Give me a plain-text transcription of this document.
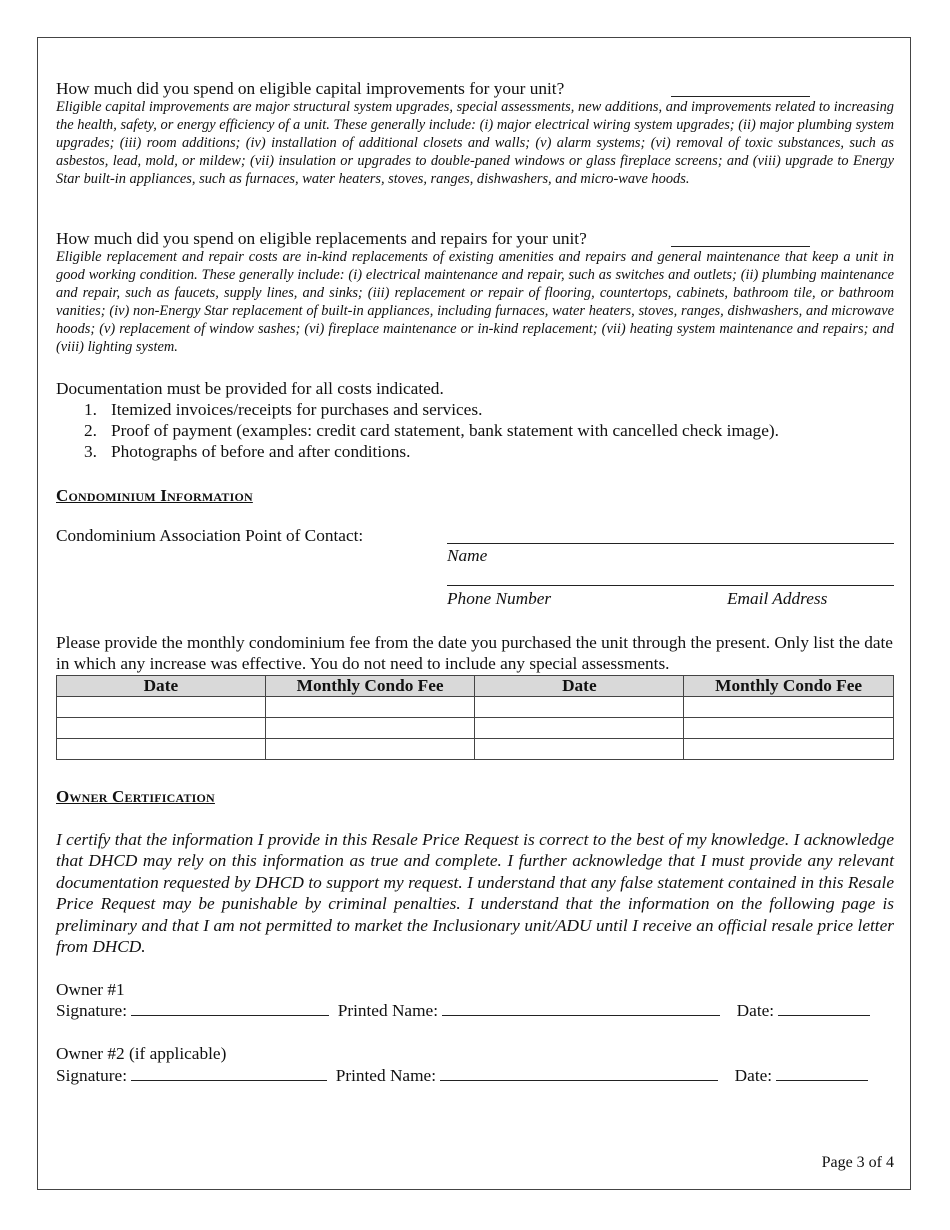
How much did you spend on eligible capital improvements for your unit?
Eligible capital improvements are major structural system upgrades, special assessments, new additions, and improvements related to increasing the health, safety, or energy efficiency of a unit. These generally include: (i) major electrical wiring system upgrades; (ii) major plumbing system upgrades; (iii) room additions; (iv) installation of additional closets and walls; (v) alarm systems; (vi) removal of toxic substances, such as asbestos, lead, mold, or mildew; (vii) insulation or upgrades to double-paned windows or glass fireplace screens; and (viii) upgrade to Energy Star built-in appliances, such as furnaces, water heaters, stoves, ranges, dishwashers, and micro-wave hoods.
How much did you spend on eligible replacements and repairs for your unit?
Eligible replacement and repair costs are in-kind replacements of existing amenities and repairs and general maintenance that keep a unit in good working condition. These generally include: (i) electrical maintenance and repair, such as switches and outlets; (ii) plumbing maintenance and repair, such as faucets, supply lines, and sinks; (iii) replacement or repair of flooring, countertops, cabinets, bathroom tile, or bathroom vanities; (iv) non-Energy Star replacement of built-in appliances, including furnaces, water heaters, stoves, ranges, dishwashers, and microwave hoods; (v) replacement of window sashes; (vi) fireplace maintenance or in-kind replacement; (vii) heating system maintenance and repairs; and (viii) lighting system.
Documentation must be provided for all costs indicated.
1. Itemized invoices/receipts for purchases and services.
2. Proof of payment (examples: credit card statement, bank statement with cancelled check image).
3. Photographs of before and after conditions.
Condominium Information
Condominium Association Point of Contact:
Name
Phone Number	Email Address
Please provide the monthly condominium fee from the date you purchased the unit through the present. Only list the date in which any increase was effective. You do not need to include any special assessments.
Date	Monthly Condo Fee	Date	Monthly Condo Fee

Owner Certification
I certify that the information I provide in this Resale Price Request is correct to the best of my knowledge. I acknowledge that DHCD may rely on this information as true and complete. I further acknowledge that I must provide any relevant documentation requested by DHCD to support my request. I understand that any false statement contained in this Resale Price Request may be punishable by criminal penalties. I understand that the information on the following page is preliminary and that I am not permitted to market the Inclusionary unit/ADU until I receive an official resale price letter from DHCD.
Owner #1
Signature:	Printed Name:	Date:
Owner #2 (if applicable)
Signature:	Printed Name:	Date:
Page 3 of 4
